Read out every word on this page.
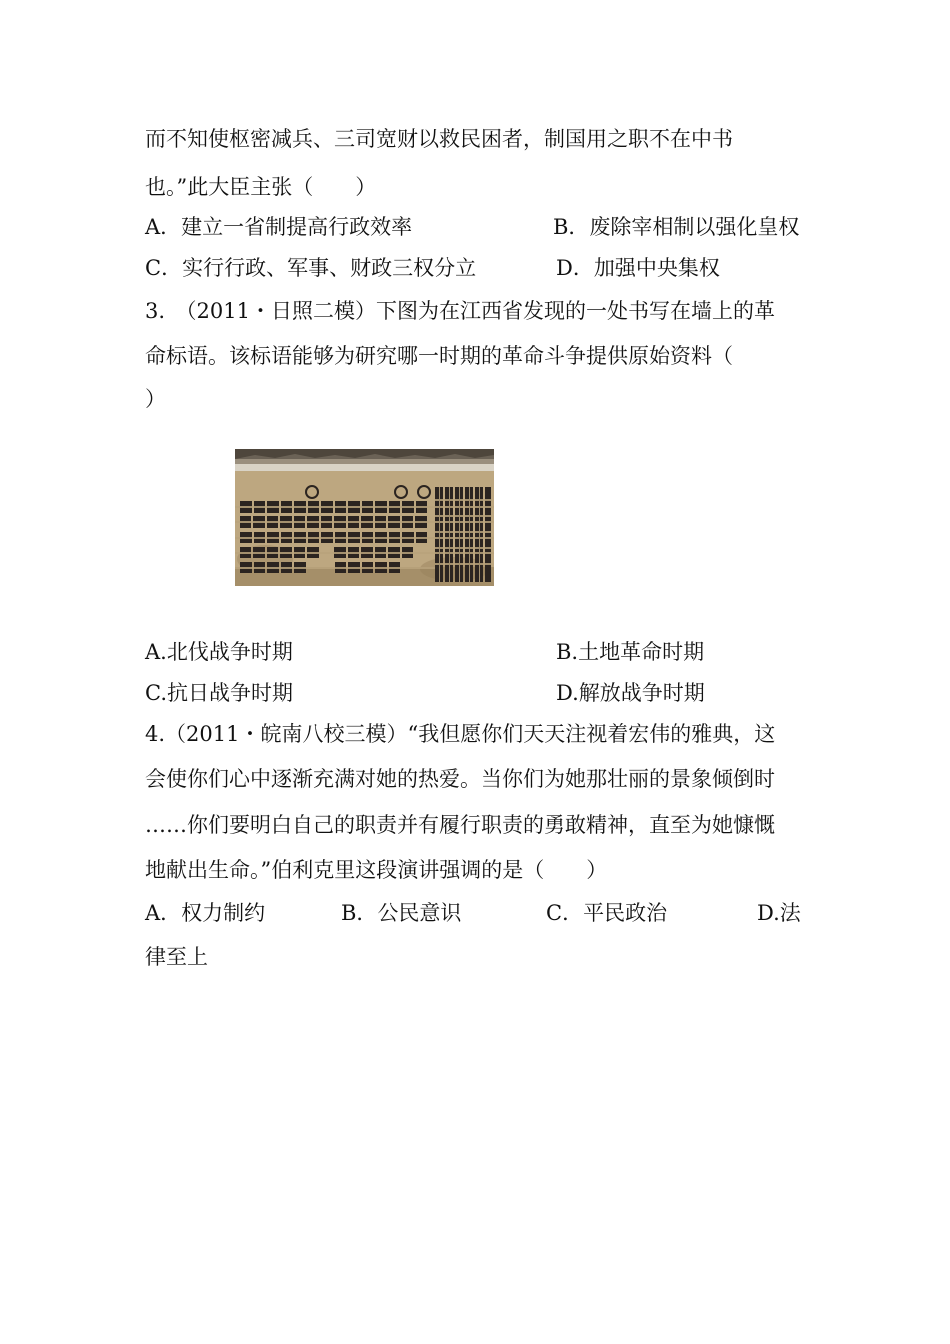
而不知使枢密减兵、三司宽财以救民困者，制国用之职不在中书
也。”此大臣主张（　　）
A．建立一省制提高行政效率	B．废除宰相制以强化皇权
C．实行行政、军事、财政三权分立	D．加强中央集权
3.　（2011・日照二模）下图为在江西省发现的一处书写在墙上的革
命标语。该标语能够为研究哪一时期的革命斗争提供原始资料（
）
A.北伐战争时期	B.土地革命时期
C.抗日战争时期	D.解放战争时期
4.（2011・皖南八校三模）“我但愿你们天天注视着宏伟的雅典，这
会使你们心中逐渐充满对她的热爱。当你们为她那壮丽的景象倾倒时
……你们要明白自己的职责并有履行职责的勇敢精神，直至为她慷慨
地献出生命。”伯利克里这段演讲强调的是（　　）
A．权力制约	B．公民意识	C．平民政治	D.法
律至上
